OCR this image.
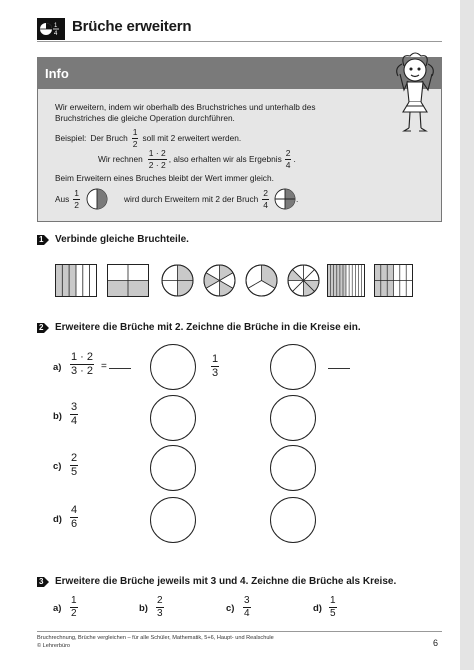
1
4 Brüche erweitern
Info
Wir erweitern, indem wir oberhalb des Bruchstriches und unterhalb des
Bruchstriches die gleiche Operation durchführen.
Beispiel: Der Bruch $\frac{1}{2}$ soll mit 2 erweitert werden.
Wir rechnen $\frac{1 \cdot 2}{2 \cdot 2}$ , also erhalten wir als Ergebnis $\frac{2}{4}$ .
Beim Erweitern eines Bruches bleibt der Wert immer gleich.
Aus $\frac{1}{2}$	wird durch Erweitern mit 2 der Bruch $\frac{2}{4}$	.
1 Verbinde gleiche Bruchteile.
2 Erweitere die Brüche mit 2. Zeichne die Brüche in die Kreise ein.
$a) \frac{1 \cdot 2}{3 \cdot 2}$ =	$\frac{1}{3}$
$b) \frac{3}{4}$
$c) \frac{2}{5}$
$d) \frac{4}{6}$
3 Erweitere die Brüche jeweils mit 3 und 4. Zeichne die Brüche als Kreise.
$a) \frac{1}{2}$	$b) \frac{2}{3}$	$c) \frac{3}{4}$	$d) \frac{1}{5}$
Bruchrechnung, Brüche vergleichen – für alle Schüler, Mathematik, 5+6, Haupt- und Realschule
© Lehrerbüro	6
